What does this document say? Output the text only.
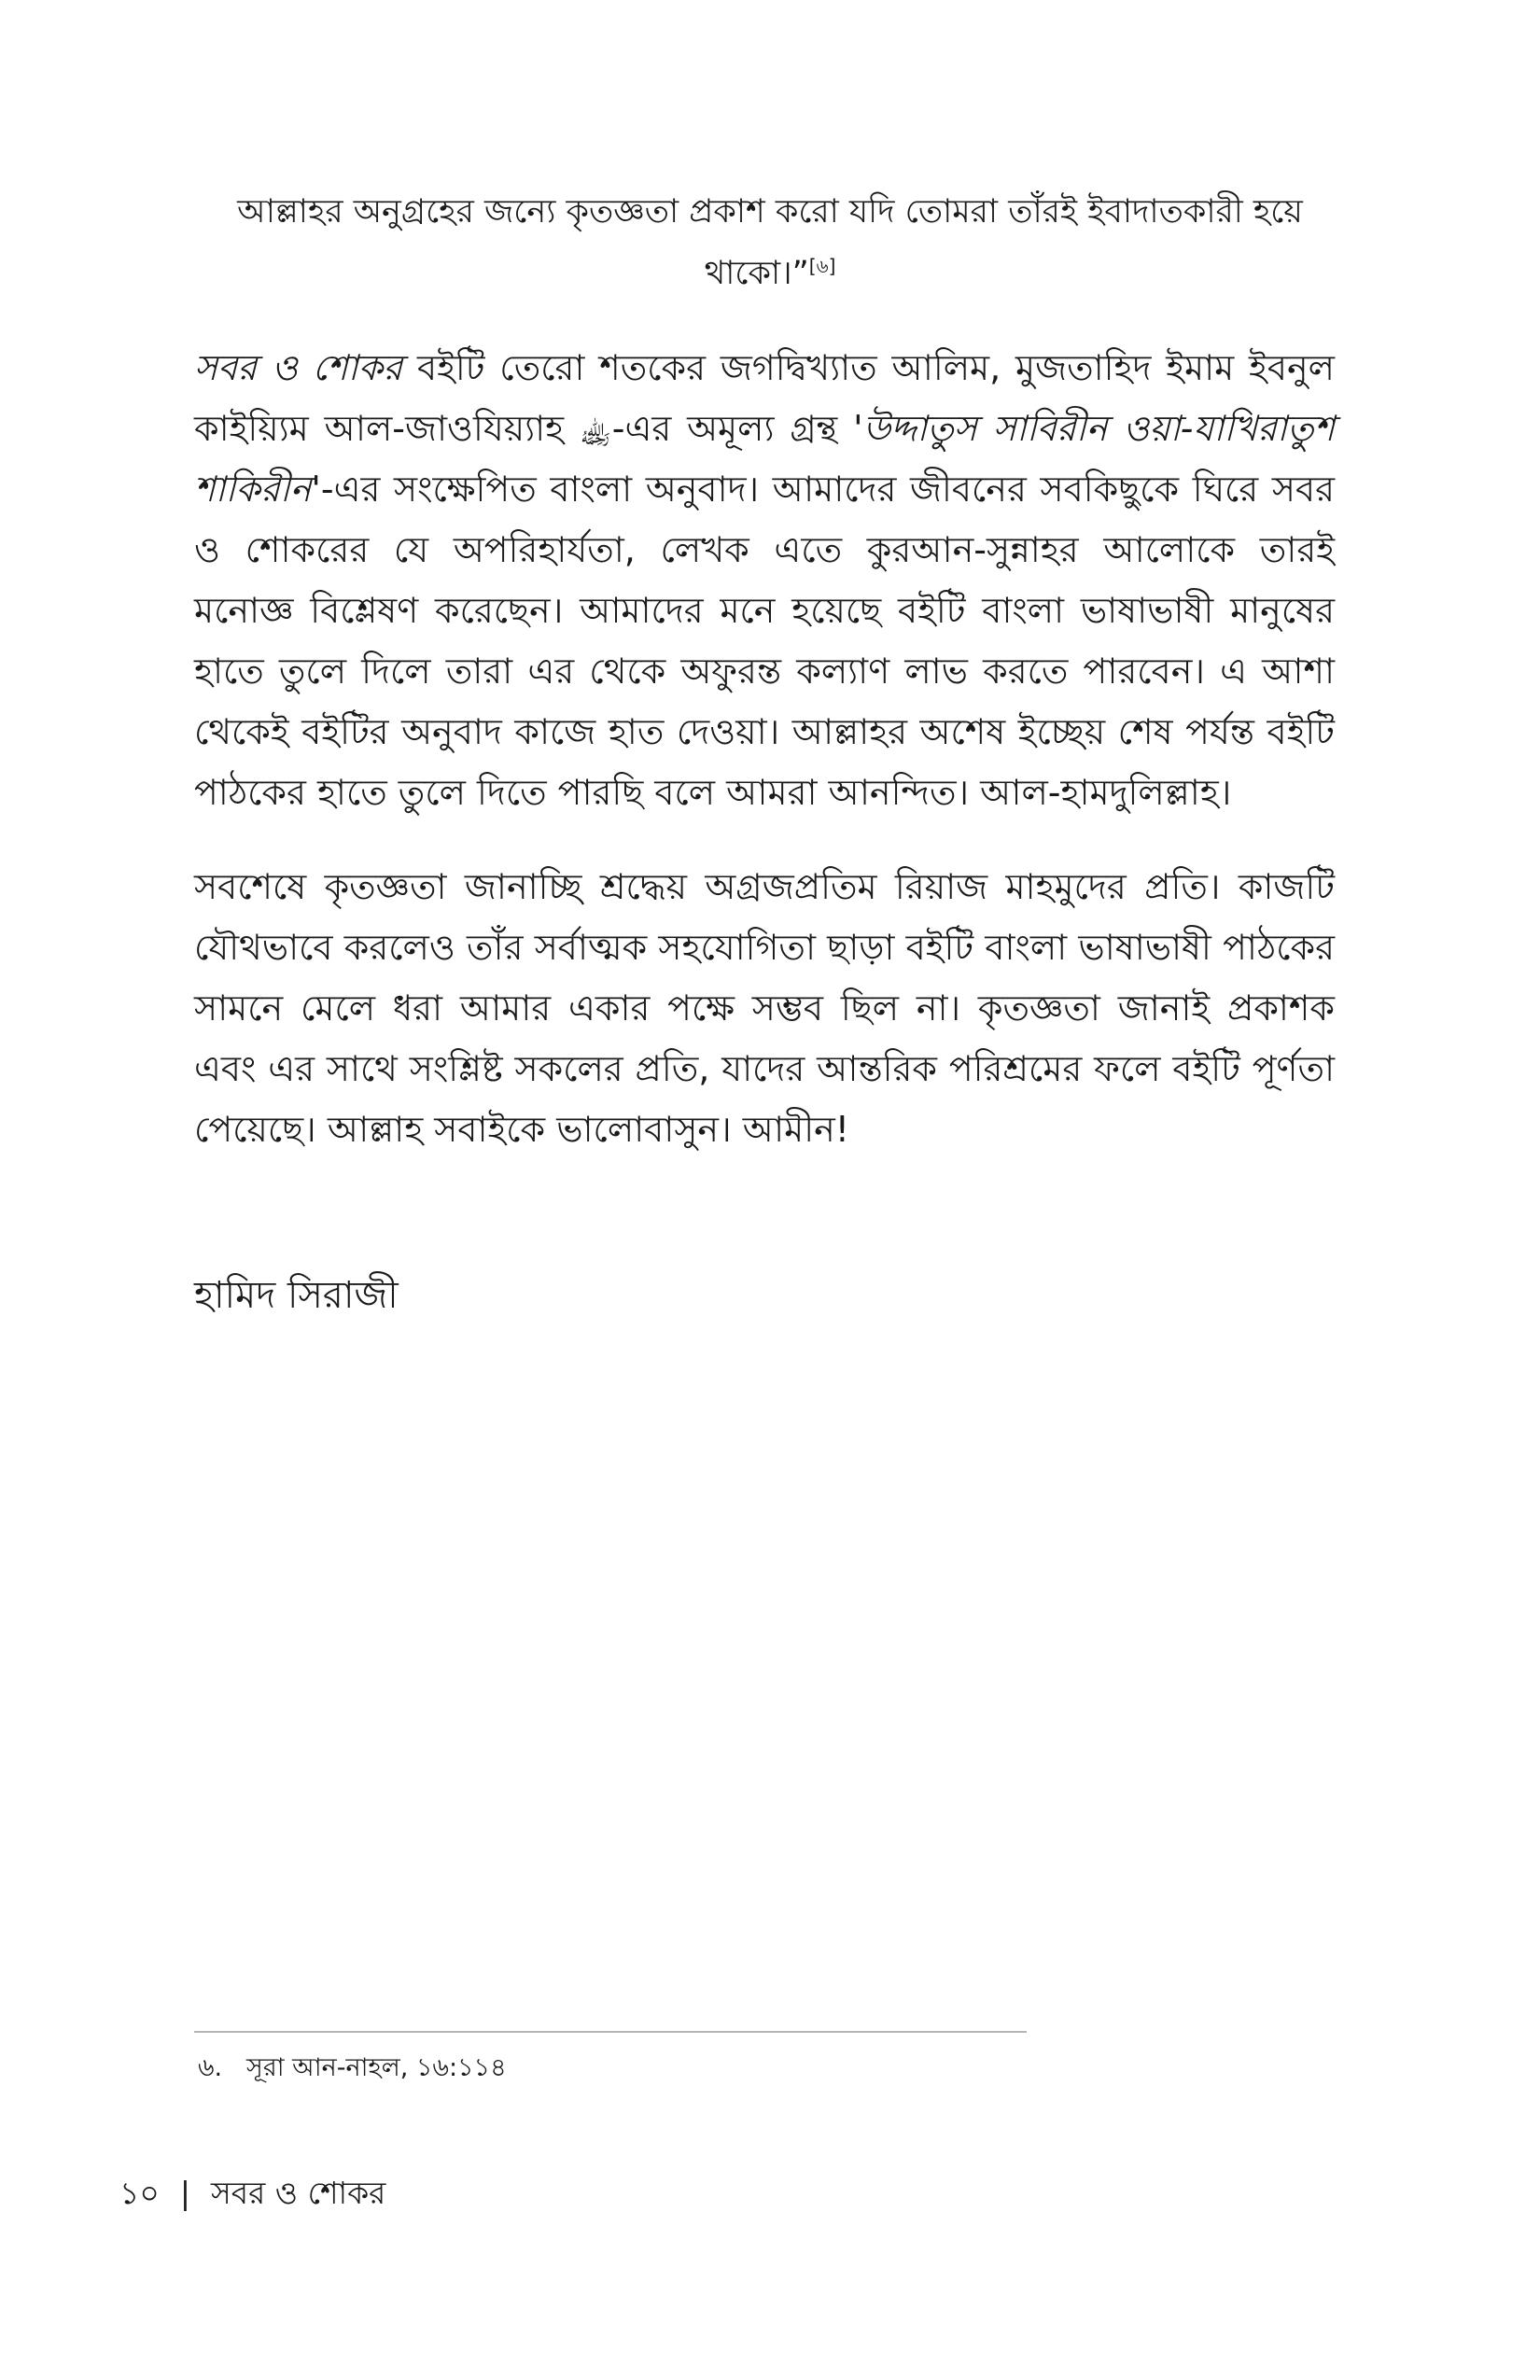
আল্লাহর অনুগ্রহের জন্যে কৃতজ্ঞতা প্রকাশ করো যদি তোমরা তাঁরই ইবাদাতকারী হয়ে থাকো।”[৬]

সবর ও শোকর বইটি তেরো শতকের জগদ্বিখ্যাত আলিম, মুজতাহিদ ইমাম ইবনুল কাইয়্যিম আল-জাওযিয়্যাহ ﵀-এর অমূল্য গ্রন্থ 'উদ্দাতুস সাবিরীন ওয়া-যাখিরাতুশ শাকিরীন'-এর সংক্ষেপিত বাংলা অনুবাদ। আমাদের জীবনের সবকিছুকে ঘিরে সবর ও শোকরের যে অপরিহার্যতা, লেখক এতে কুরআন-সুন্নাহর আলোকে তারই মনোজ্ঞ বিশ্লেষণ করেছেন। আমাদের মনে হয়েছে বইটি বাংলা ভাষাভাষী মানুষের হাতে তুলে দিলে তারা এর থেকে অফুরন্ত কল্যাণ লাভ করতে পারবেন। এ আশা থেকেই বইটির অনুবাদ কাজে হাত দেওয়া। আল্লাহর অশেষ ইচ্ছেয় শেষ পর্যন্ত বইটি পাঠকের হাতে তুলে দিতে পারছি বলে আমরা আনন্দিত। আল-হামদুলিল্লাহ।

সবশেষে কৃতজ্ঞতা জানাচ্ছি শ্রদ্ধেয় অগ্রজপ্রতিম রিয়াজ মাহমুদের প্রতি। কাজটি যৌথভাবে করলেও তাঁর সর্বাত্মক সহযোগিতা ছাড়া বইটি বাংলা ভাষাভাষী পাঠকের সামনে মেলে ধরা আমার একার পক্ষে সম্ভব ছিল না। কৃতজ্ঞতা জানাই প্রকাশক এবং এর সাথে সংশ্লিষ্ট সকলের প্রতি, যাদের আন্তরিক পরিশ্রমের ফলে বইটি পূর্ণতা পেয়েছে। আল্লাহ সবাইকে ভালোবাসুন। আমীন!

হামিদ সিরাজী
৬. সূরা আন-নাহল, ১৬:১১৪
১০ | সবর ও শোকর
